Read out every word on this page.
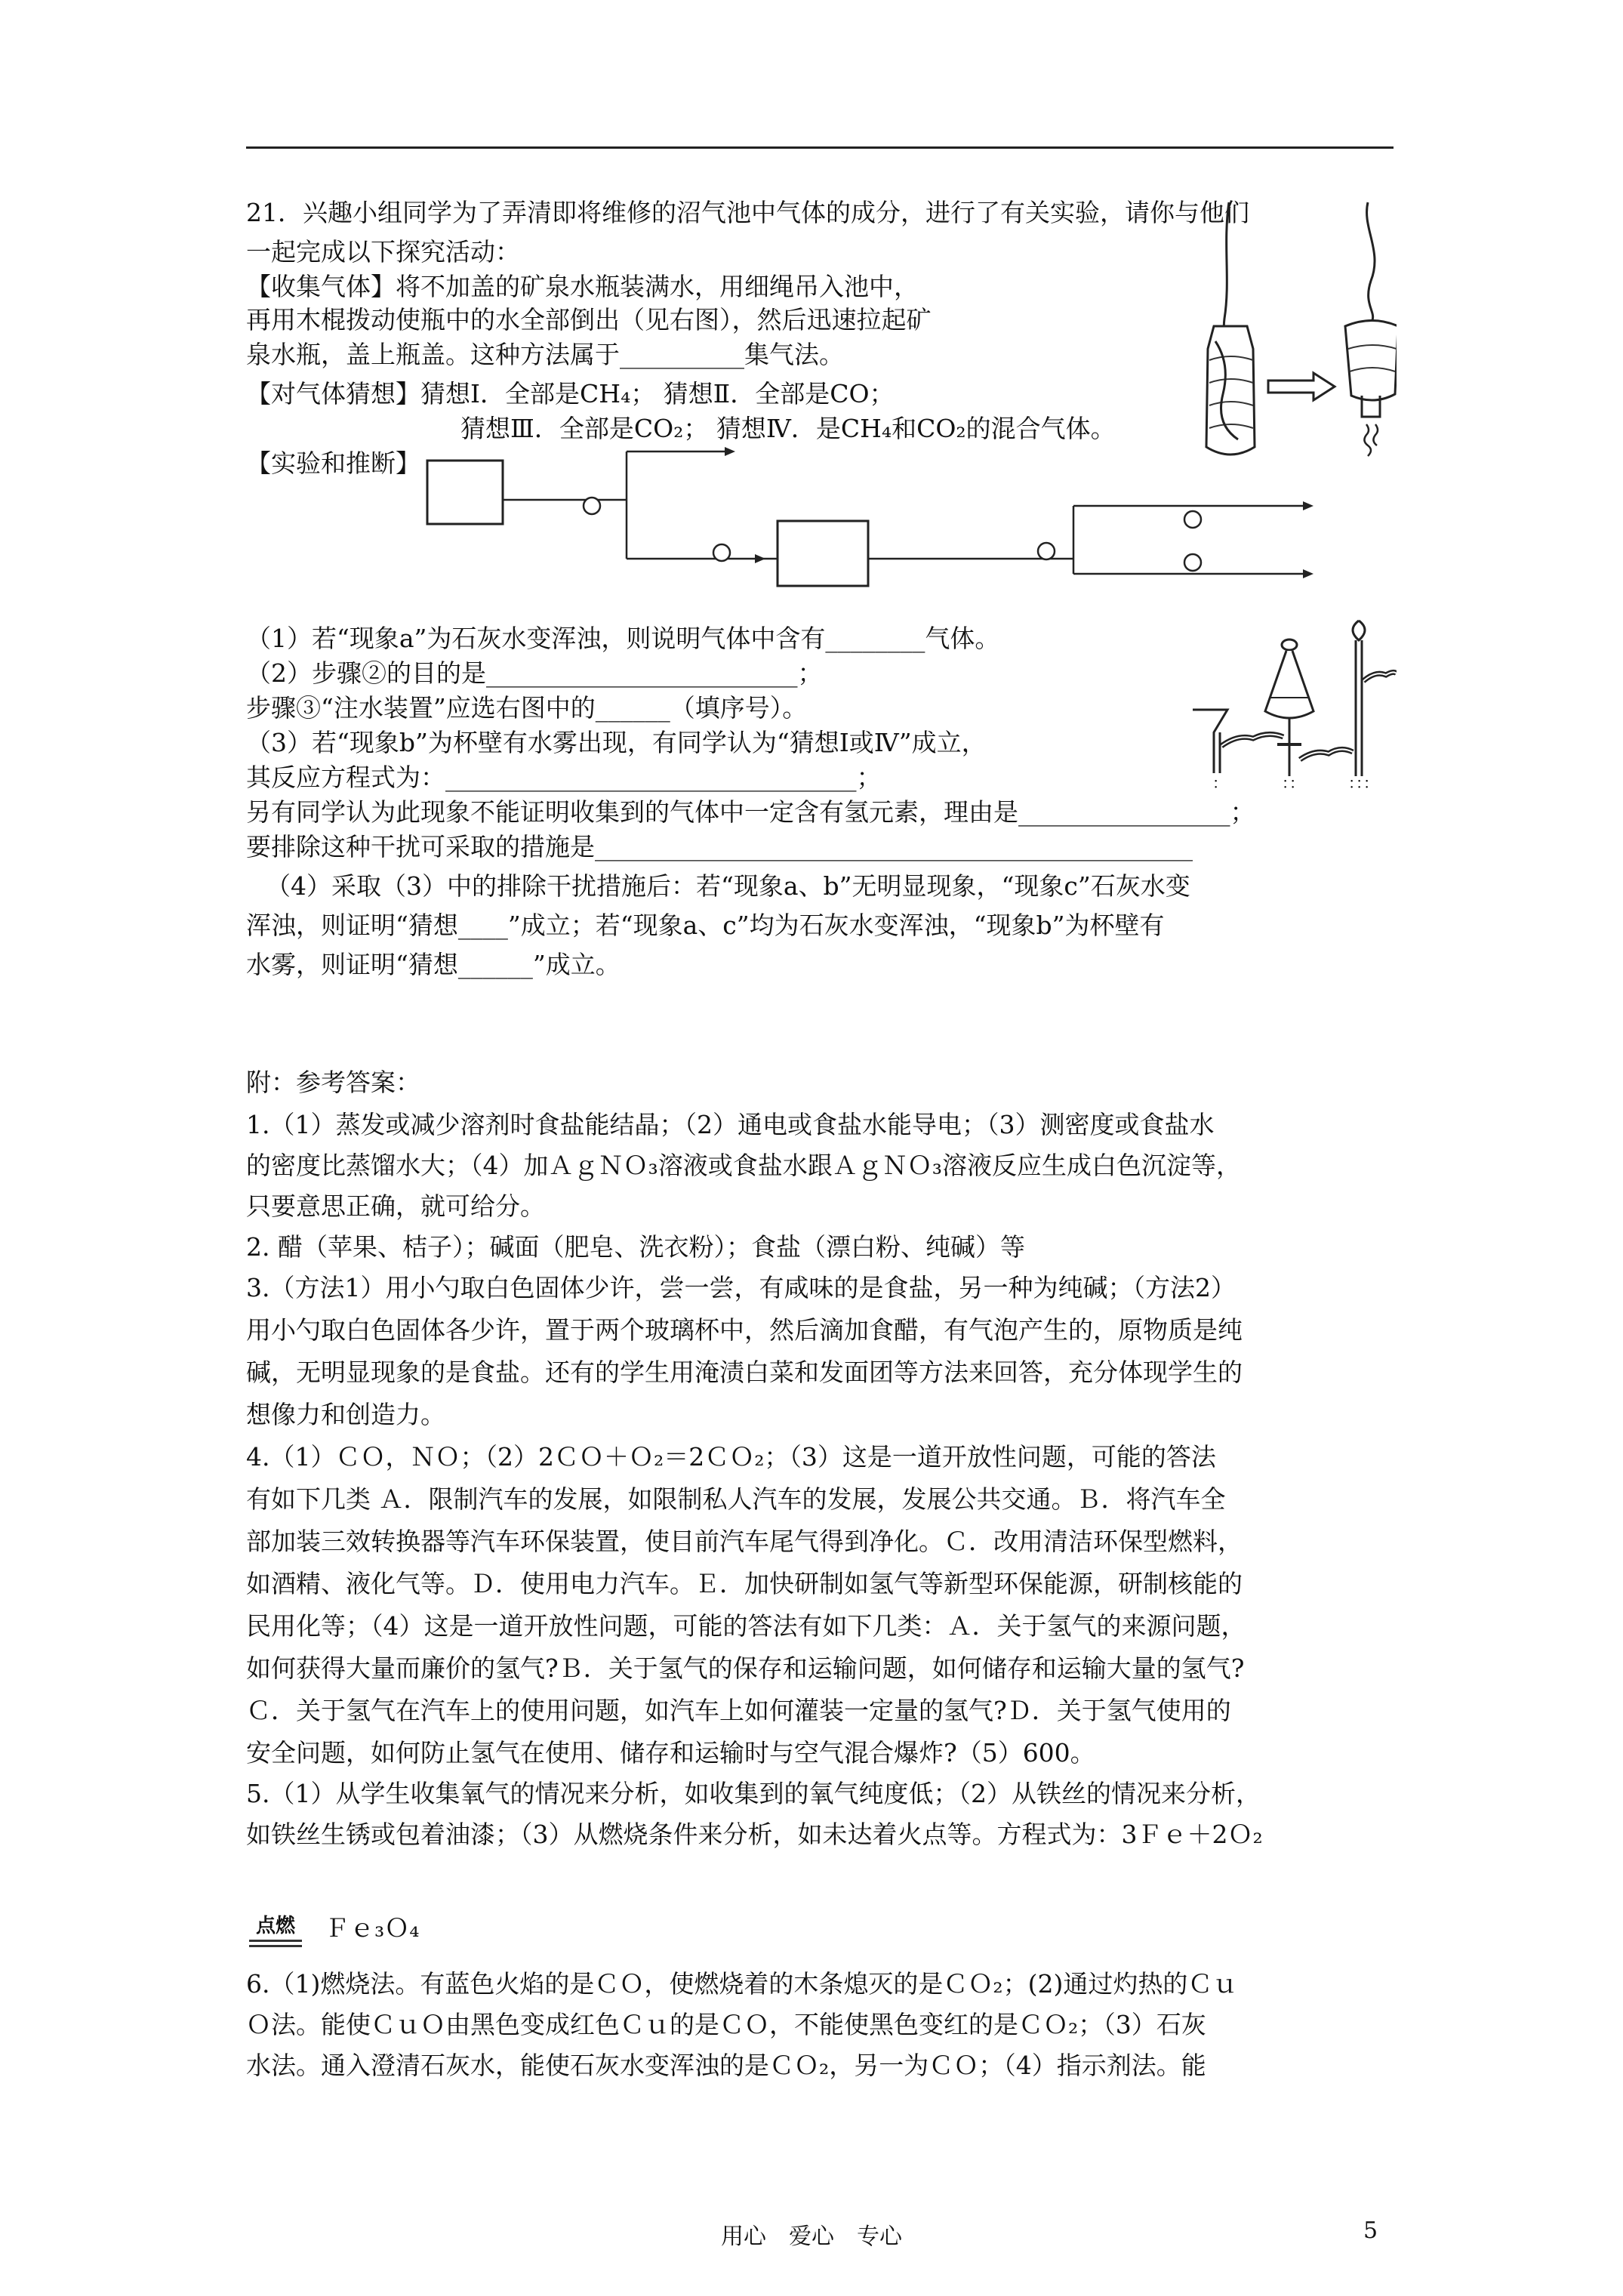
21．兴趣小组同学为了弄清即将维修的沼气池中气体的成分，进行了有关实验，请你与他们
一起完成以下探究活动：
【收集气体】将不加盖的矿泉水瓶装满水，用细绳吊入池中，
再用木棍拨动使瓶中的水全部倒出（见右图），然后迅速拉起矿
泉水瓶，盖上瓶盖。这种方法属于__________集气法。
【对气体猜想】猜想Ⅰ．全部是CH₄； 猜想Ⅱ．全部是CO；
猜想Ⅲ．全部是CO₂； 猜想Ⅳ．是CH₄和CO₂的混合气体。
【实验和推断】
（1）若“现象a”为石灰水变浑浊，则说明气体中含有________气体。
（2）步骤②的目的是_________________________；
步骤③“注水装置”应选右图中的______（填序号）。
（3）若“现象b”为杯壁有水雾出现，有同学认为“猜想Ⅰ或Ⅳ”成立，
其反应方程式为：_________________________________；
另有同学认为此现象不能证明收集到的气体中一定含有氢元素，理由是_________________；
要排除这种干扰可采取的措施是________________________________________________
（4）采取（3）中的排除干扰措施后：若“现象a、b”无明显现象，“现象c”石灰水变
浑浊，则证明“猜想____”成立；若“现象a、c”均为石灰水变浑浊，“现象b”为杯壁有
水雾，则证明“猜想______”成立。
：	：：	：：：
附：参考答案：
1.（1）蒸发或减少溶剂时食盐能结晶；（2）通电或食盐水能导电；（3）测密度或食盐水
的密度比蒸馏水大；（4）加ＡｇＮＯ₃溶液或食盐水跟ＡｇＮＯ₃溶液反应生成白色沉淀等，
只要意思正确，就可给分。
2. 醋（苹果、桔子）；碱面（肥皂、洗衣粉）；食盐（漂白粉、纯碱）等
3.（方法1）用小勺取白色固体少许，尝一尝，有咸味的是食盐，另一种为纯碱；（方法2）
用小勺取白色固体各少许，置于两个玻璃杯中，然后滴加食醋，有气泡产生的，原物质是纯
碱，无明显现象的是食盐。还有的学生用淹渍白菜和发面团等方法来回答，充分体现学生的
想像力和创造力。
4.（1）ＣＯ，ＮＯ；（2）2ＣＯ＋Ｏ₂＝2ＣＯ₂；（3）这是一道开放性问题，可能的答法
有如下几类 Ａ．限制汽车的发展，如限制私人汽车的发展，发展公共交通。Ｂ．将汽车全
部加装三效转换器等汽车环保装置，使目前汽车尾气得到净化。Ｃ．改用清洁环保型燃料，
如酒精、液化气等。Ｄ．使用电力汽车。Ｅ．加快研制如氢气等新型环保能源，研制核能的
民用化等；（4）这是一道开放性问题，可能的答法有如下几类：Ａ．关于氢气的来源问题，
如何获得大量而廉价的氢气?Ｂ．关于氢气的保存和运输问题，如何储存和运输大量的氢气?
Ｃ．关于氢气在汽车上的使用问题，如汽车上如何灌装一定量的氢气?Ｄ．关于氢气使用的
安全问题，如何防止氢气在使用、储存和运输时与空气混合爆炸?（5）600。
5.（1）从学生收集氧气的情况来分析，如收集到的氧气纯度低；（2）从铁丝的情况来分析，
如铁丝生锈或包着油漆；（3）从燃烧条件来分析，如未达着火点等。方程式为：3Ｆｅ＋2Ｏ₂
点燃 Ｆｅ₃Ｏ₄
6.（1)燃烧法。有蓝色火焰的是ＣＯ，使燃烧着的木条熄灭的是ＣＯ₂；(2)通过灼热的Ｃｕ
Ｏ法。能使ＣｕＯ由黑色变成红色Ｃｕ的是ＣＯ，不能使黑色变红的是ＣＯ₂；（3）石灰
水法。通入澄清石灰水，能使石灰水变浑浊的是ＣＯ₂，另一为ＣＯ；（4）指示剂法。能
用心　爱心　专心	5
